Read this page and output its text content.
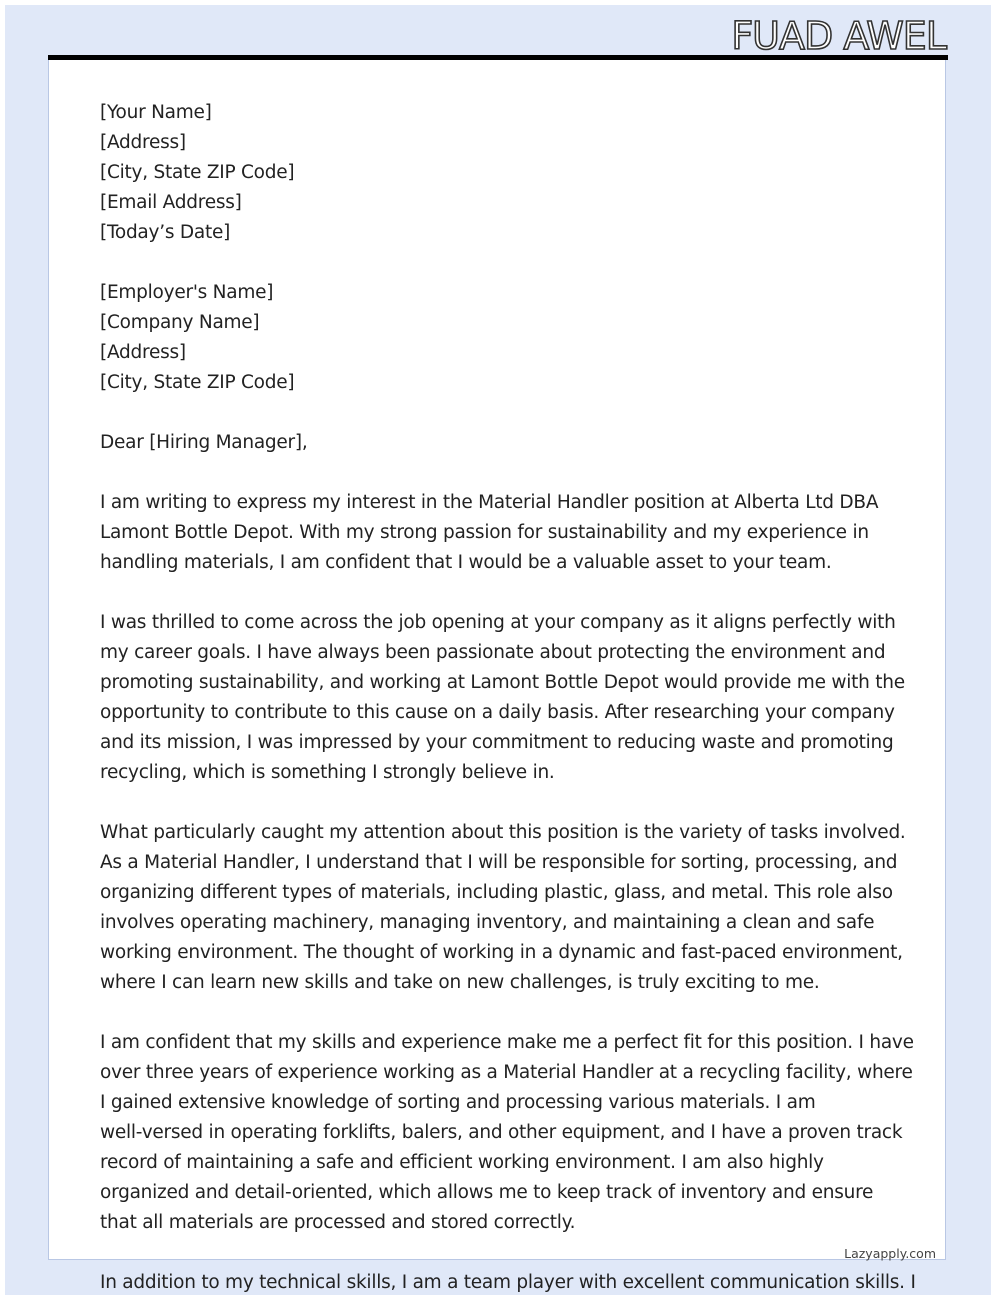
FUAD AWEL
[Your Name]
[Address]
[City, State ZIP Code]
[Email Address]
[Today’s Date]
[Employer's Name]
[Company Name]
[Address]
[City, State ZIP Code]
Dear [Hiring Manager],
I am writing to express my interest in the Material Handler position at Alberta Ltd DBA
Lamont Bottle Depot. With my strong passion for sustainability and my experience in
handling materials, I am confident that I would be a valuable asset to your team.
I was thrilled to come across the job opening at your company as it aligns perfectly with
my career goals. I have always been passionate about protecting the environment and
promoting sustainability, and working at Lamont Bottle Depot would provide me with the
opportunity to contribute to this cause on a daily basis. After researching your company
and its mission, I was impressed by your commitment to reducing waste and promoting
recycling, which is something I strongly believe in.
What particularly caught my attention about this position is the variety of tasks involved.
As a Material Handler, I understand that I will be responsible for sorting, processing, and
organizing different types of materials, including plastic, glass, and metal. This role also
involves operating machinery, managing inventory, and maintaining a clean and safe
working environment. The thought of working in a dynamic and fast-paced environment,
where I can learn new skills and take on new challenges, is truly exciting to me.
I am confident that my skills and experience make me a perfect fit for this position. I have
over three years of experience working as a Material Handler at a recycling facility, where
I gained extensive knowledge of sorting and processing various materials. I am
well-versed in operating forklifts, balers, and other equipment, and I have a proven track
record of maintaining a safe and efficient working environment. I am also highly
organized and detail-oriented, which allows me to keep track of inventory and ensure
that all materials are processed and stored correctly.
In addition to my technical skills, I am a team player with excellent communication skills. I
Lazyapply.com
